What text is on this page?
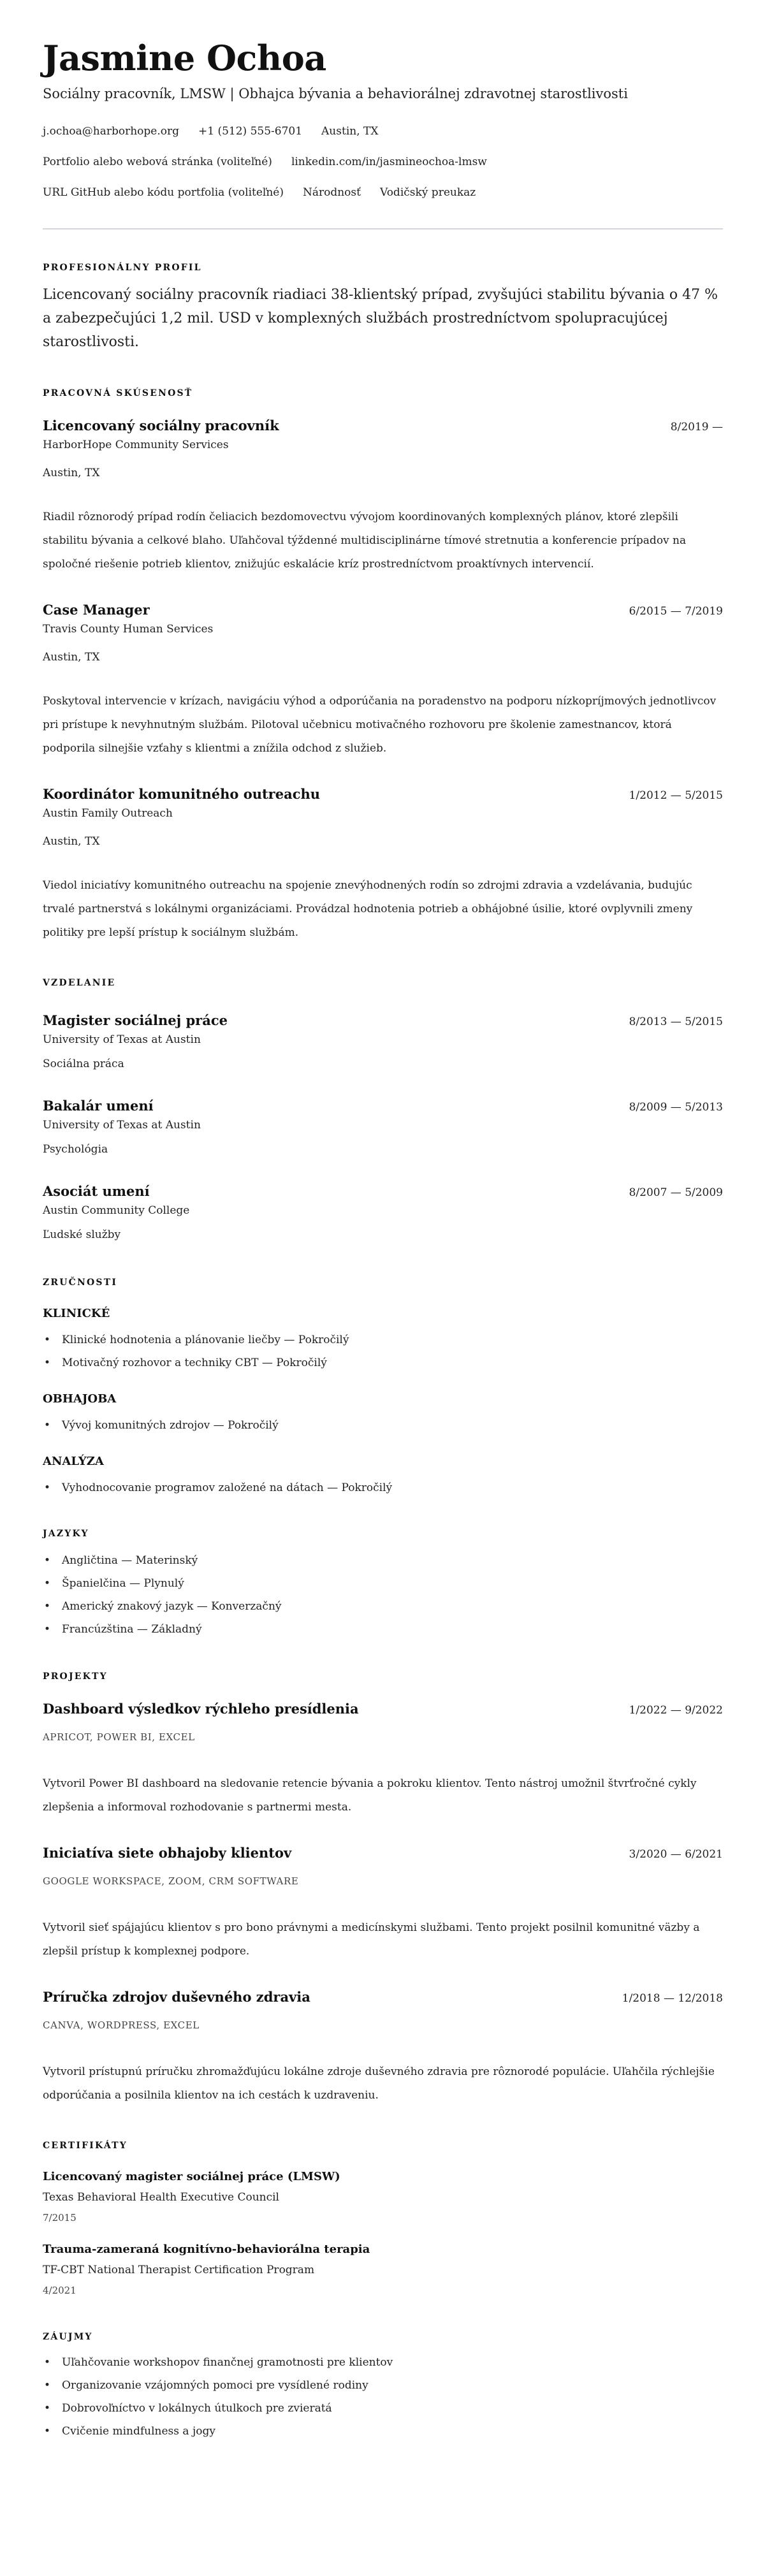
Jasmine Ochoa
Sociálny pracovník, LMSW | Obhajca bývania a behaviorálnej zdravotnej starostlivosti
j.ochoa@harborhope.org +1 (512) 555-6701 Austin, TX
Portfolio alebo webová stránka (voliteľné) linkedin.com/in/jasmineochoa-lmsw
URL GitHub alebo kódu portfolia (voliteľné) Národnosť Vodičský preukaz
PROFESIONÁLNY PROFIL

Licencovaný sociálny pracovník riadiaci 38-klientský prípad, zvyšujúci stabilitu bývania o 47 % a zabezpečujúci 1,2 mil. USD v komplexných službách prostredníctvom spolupracujúcej starostlivosti.

PRACOVNÁ SKÚSENOSŤ
Licencovaný sociálny pracovník	8/2019 —
HarborHope Community Services
Austin, TX

Riadil rôznorodý prípad rodín čeliacich bezdomovectvu vývojom koordinovaných komplexných plánov, ktoré zlepšili stabilitu bývania a celkové blaho. Uľahčoval týždenné multidisciplinárne tímové stretnutia a konferencie prípadov na spoločné riešenie potrieb klientov, znižujúc eskalácie kríz prostredníctvom proaktívnych intervencií.

Case Manager	6/2015 — 7/2019
Travis County Human Services
Austin, TX

Poskytoval intervencie v krízach, navigáciu výhod a odporúčania na poradenstvo na podporu nízkopríjmových jednotlivcov pri prístupe k nevyhnutným službám. Pilotoval učebnicu motivačného rozhovoru pre školenie zamestnancov, ktorá podporila silnejšie vzťahy s klientmi a znížila odchod z služieb.

Koordinátor komunitného outreachu	1/2012 — 5/2015
Austin Family Outreach
Austin, TX

Viedol iniciatívy komunitného outreachu na spojenie znevýhodnených rodín so zdrojmi zdravia a vzdelávania, budujúc trvalé partnerstvá s lokálnymi organizáciami. Provádzal hodnotenia potrieb a obhájobné úsilie, ktoré ovplyvnili zmeny politiky pre lepší prístup k sociálnym službám.

VZDELANIE
Magister sociálnej práce	8/2013 — 5/2015
University of Texas at Austin
Sociálna práca
Bakalár umení	8/2009 — 5/2013
University of Texas at Austin
Psychológia
Asociát umení	8/2007 — 5/2009
Austin Community College
Ľudské služby
ZRUČNOSTI
KLINICKÉ
• Klinické hodnotenia a plánovanie liečby — Pokročilý
• Motivačný rozhovor a techniky CBT — Pokročilý
OBHAJOBA
• Vývoj komunitných zdrojov — Pokročilý
ANALÝZA
• Vyhodnocovanie programov založené na dátach — Pokročilý
JAZYKY
• Angličtina — Materinský
• Španielčina — Plynulý
• Americký znakový jazyk — Konverzačný
• Francúzština — Základný
PROJEKTY
Dashboard výsledkov rýchleho presídlenia	1/2022 — 9/2022
APRICOT, POWER BI, EXCEL

Vytvoril Power BI dashboard na sledovanie retencie bývania a pokroku klientov. Tento nástroj umožnil štvrťročné cykly zlepšenia a informoval rozhodovanie s partnermi mesta.

Iniciatíva siete obhajoby klientov	3/2020 — 6/2021
GOOGLE WORKSPACE, ZOOM, CRM SOFTWARE

Vytvoril sieť spájajúcu klientov s pro bono právnymi a medicínskymi službami. Tento projekt posilnil komunitné väzby a zlepšil prístup k komplexnej podpore.

Príručka zdrojov duševného zdravia	1/2018 — 12/2018
CANVA, WORDPRESS, EXCEL

Vytvoril prístupnú príručku zhromažďujúcu lokálne zdroje duševného zdravia pre rôznorodé populácie. Uľahčila rýchlejšie odporúčania a posilnila klientov na ich cestách k uzdraveniu.

CERTIFIKÁTY
Licencovaný magister sociálnej práce (LMSW)
Texas Behavioral Health Executive Council
7/2015
Trauma-zameraná kognitívno-behaviorálna terapia
TF-CBT National Therapist Certification Program
4/2021
ZÁUJMY
• Uľahčovanie workshopov finančnej gramotnosti pre klientov
• Organizovanie vzájomných pomoci pre vysídlené rodiny
• Dobrovoľníctvo v lokálnych útulkoch pre zvieratá
• Cvičenie mindfulness a jogy
